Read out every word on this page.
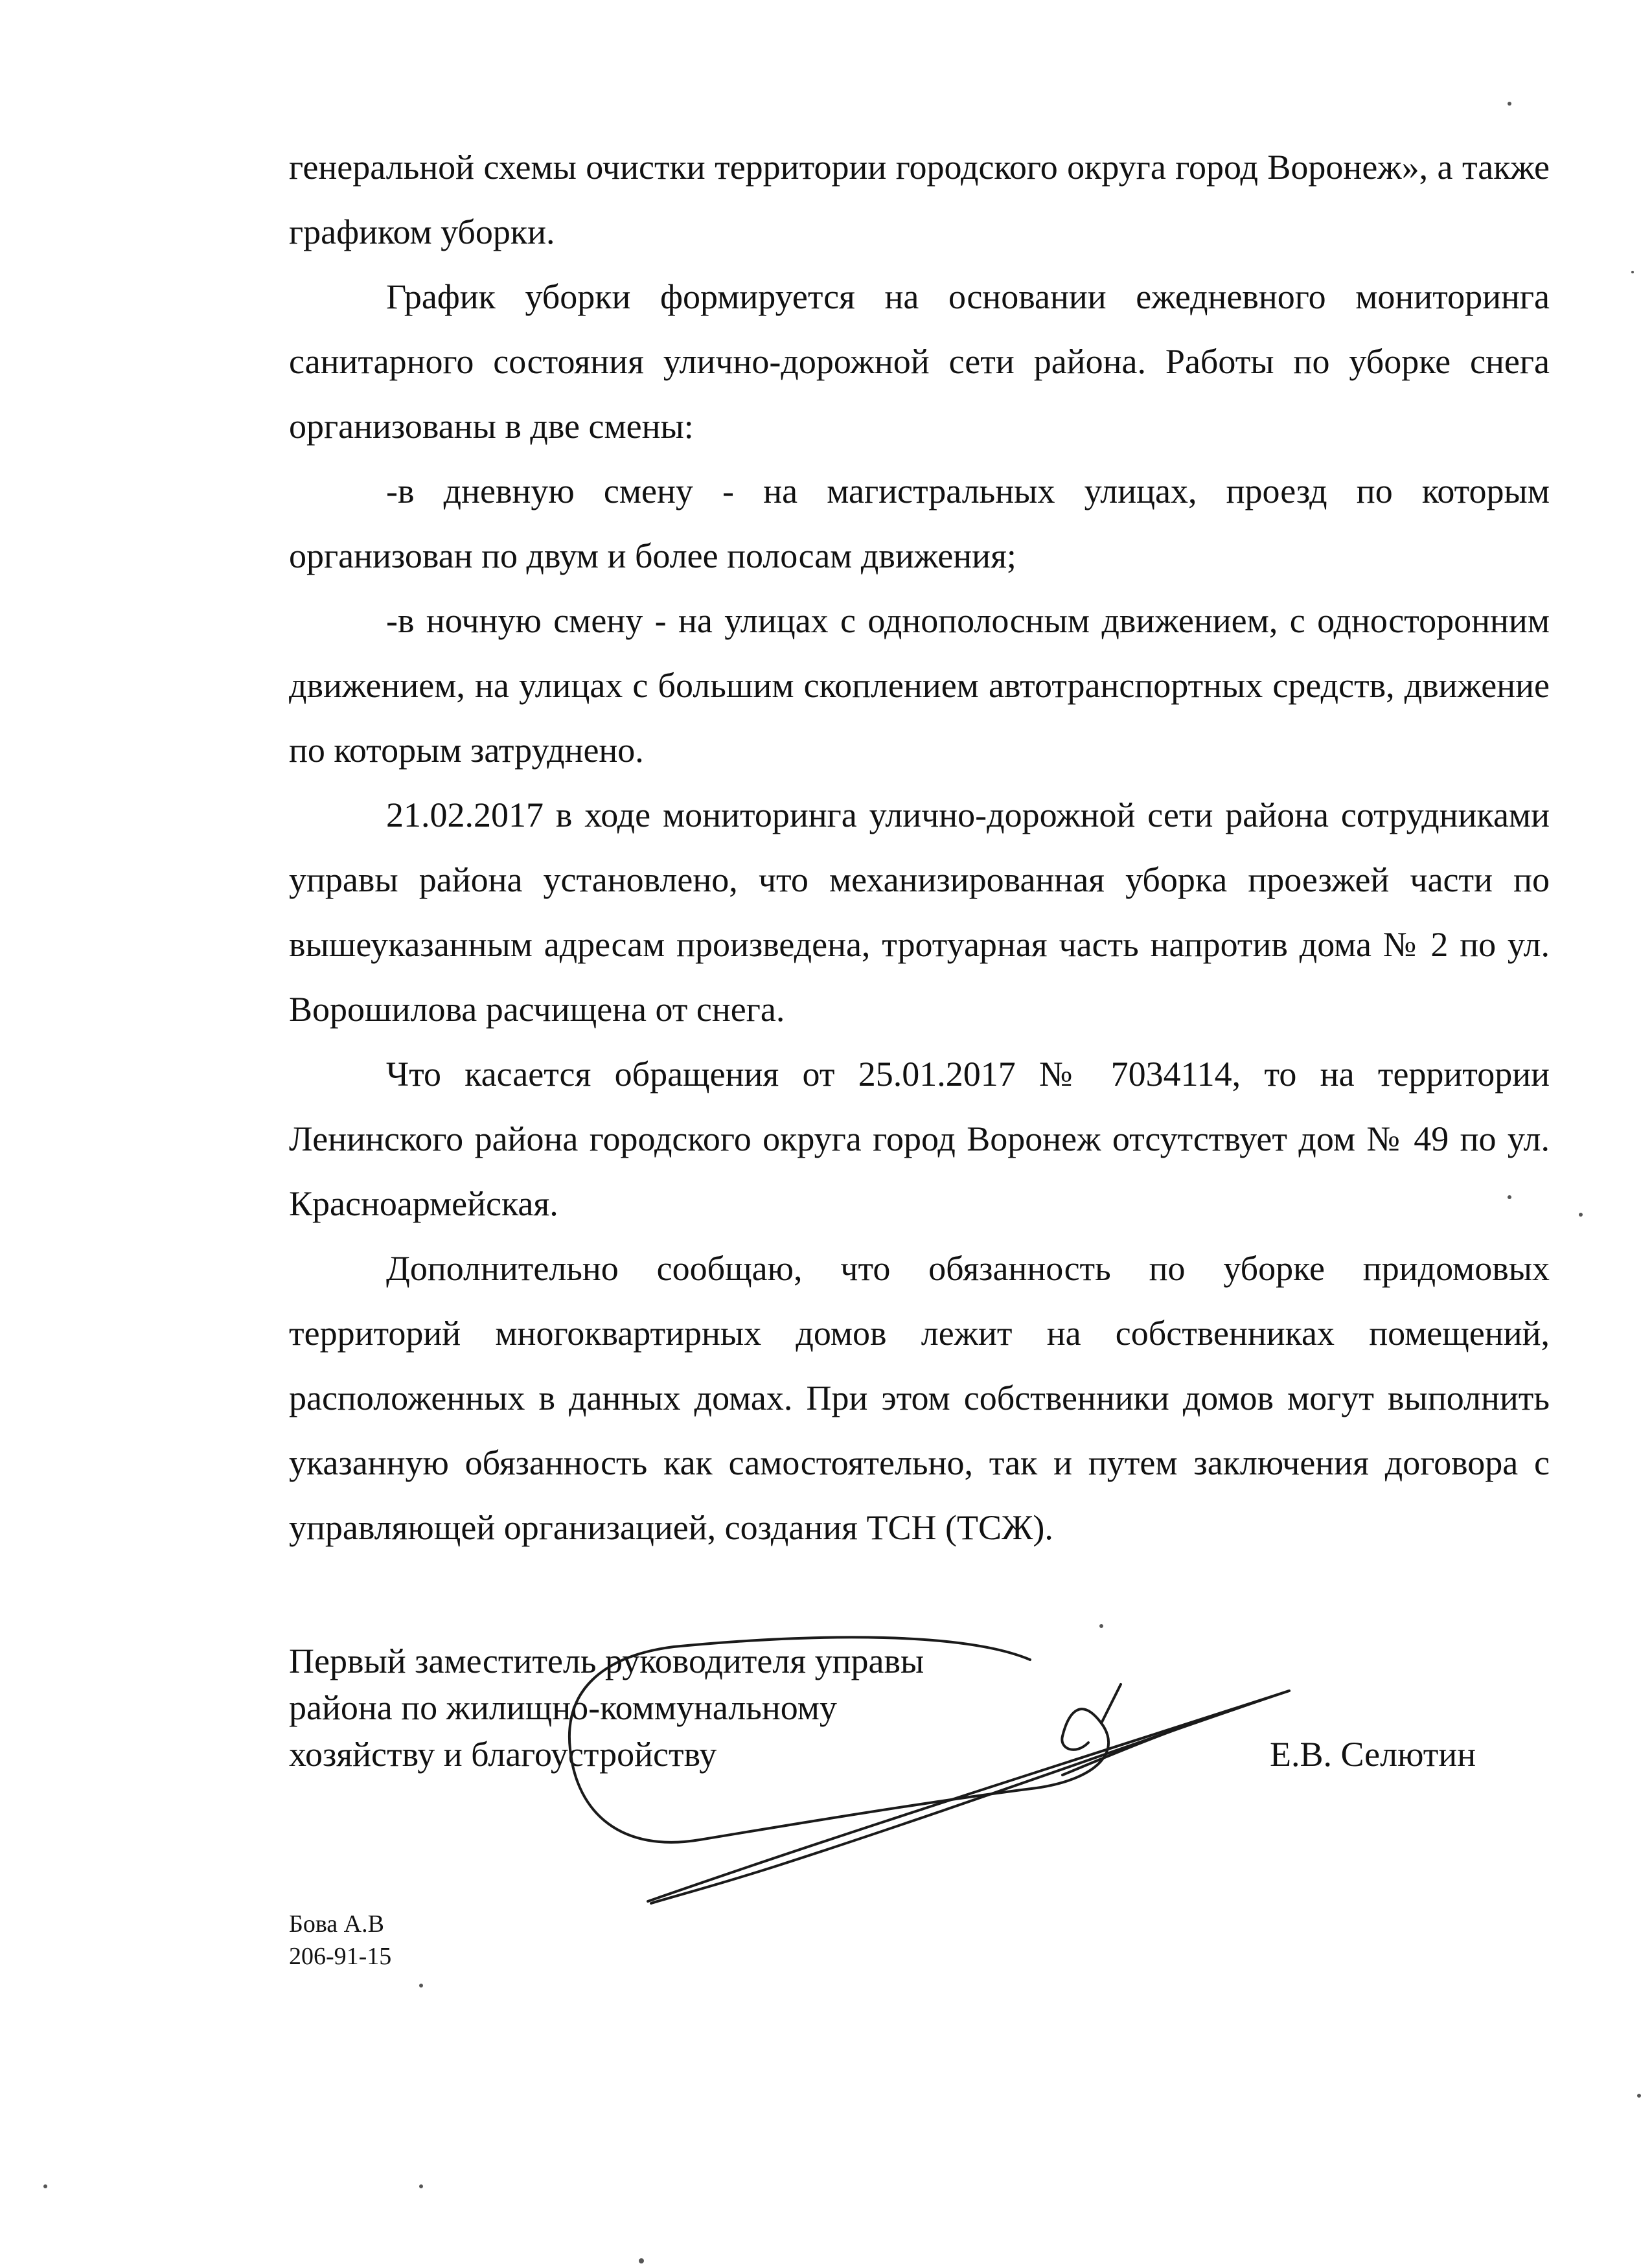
генеральной схемы очистки территории городского округа город Воронеж», а также графиком уборки.

График уборки формируется на основании ежедневного мониторинга санитарного состояния улично-дорожной сети района. Работы по уборке снега организованы в две смены:

-в дневную смену - на магистральных улицах, проезд по которым организован по двум и более полосам движения;

-в ночную смену - на улицах с однополосным движением, с односторонним движением, на улицах с большим скоплением автотранспортных средств, движение по которым затруднено.

21.02.2017 в ходе мониторинга улично-дорожной сети района сотрудниками управы района установлено, что механизированная уборка проезжей части по вышеуказанным адресам произведена, тротуарная часть напротив дома № 2 по ул. Ворошилова расчищена от снега.

Что касается обращения от 25.01.2017 № 7034114, то на территории Ленинского района городского округа город Воронеж отсутствует дом № 49 по ул. Красноармейская.

Дополнительно сообщаю, что обязанность по уборке придомовых территорий многоквартирных домов лежит на собственниках помещений, расположенных в данных домах. При этом собственники домов могут выполнить указанную обязанность как самостоятельно, так и путем заключения договора с управляющей организацией, создания ТСН (ТСЖ).

Первый заместитель руководителя управы
района по жилищно-коммунальному
хозяйству и благоустройству	Е.В. Селютин
Бова А.В
206-91-15
